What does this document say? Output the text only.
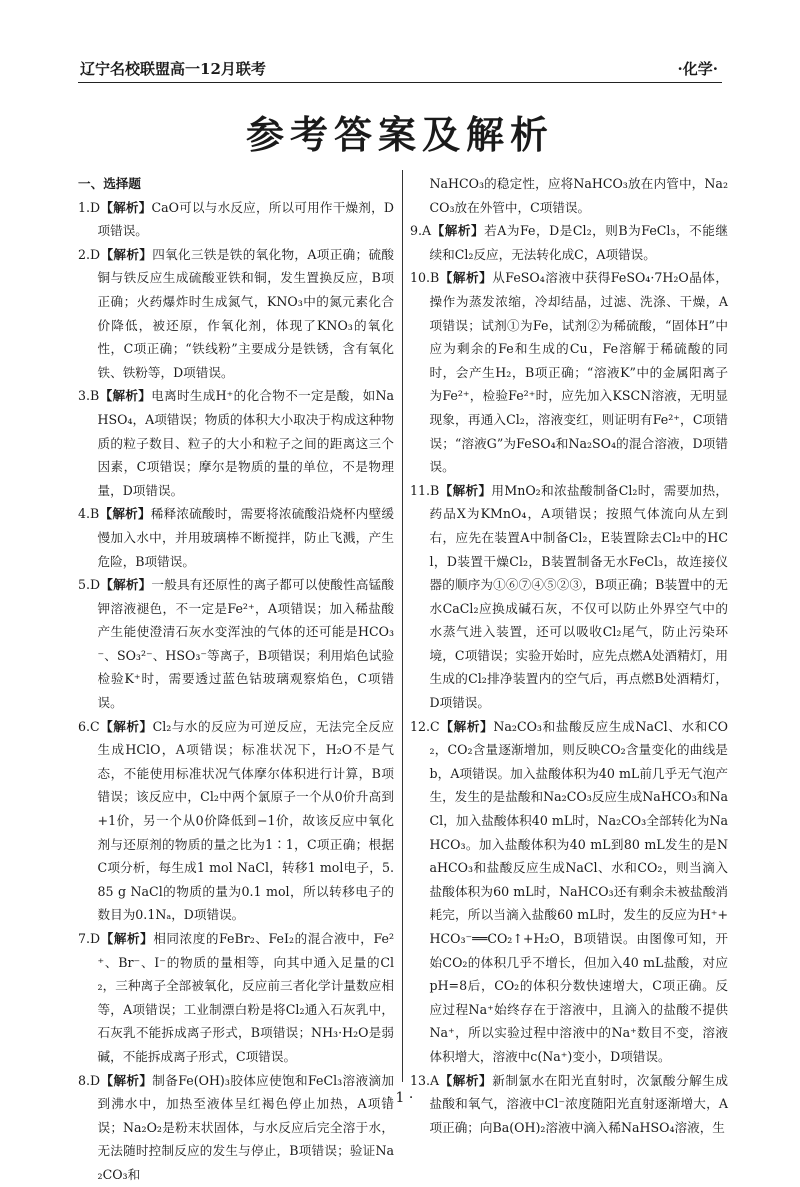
辽宁名校联盟高一12月联考	·化学·
参考答案及解析
一、选择题
1.D【解析】CaO可以与水反应，所以可用作干燥剂，D项错误。
2.D【解析】四氧化三铁是铁的氧化物，A项正确；硫酸铜与铁反应生成硫酸亚铁和铜，发生置换反应，B项正确；火药爆炸时生成氮气，KNO₃中的氮元素化合价降低，被还原，作氧化剂，体现了KNO₃的氧化性，C项正确；“铁线粉”主要成分是铁锈，含有氧化铁、铁粉等，D项错误。
3.B【解析】电离时生成H⁺的化合物不一定是酸，如NaHSO₄，A项错误；物质的体积大小取决于构成这种物质的粒子数目、粒子的大小和粒子之间的距离这三个因素，C项错误；摩尔是物质的量的单位，不是物理量，D项错误。
4.B【解析】稀释浓硫酸时，需要将浓硫酸沿烧杯内壁缓慢加入水中，并用玻璃棒不断搅拌，防止飞溅，产生危险，B项错误。
5.D【解析】一般具有还原性的离子都可以使酸性高锰酸钾溶液褪色，不一定是Fe²⁺，A项错误；加入稀盐酸产生能使澄清石灰水变浑浊的气体的还可能是HCO₃⁻、SO₃²⁻、HSO₃⁻等离子，B项错误；利用焰色试验检验K⁺时，需要透过蓝色钴玻璃观察焰色，C项错误。
6.C【解析】Cl₂与水的反应为可逆反应，无法完全反应生成HClO，A项错误；标准状况下，H₂O不是气态，不能使用标准状况气体摩尔体积进行计算，B项错误；该反应中，Cl₂中两个氯原子一个从0价升高到+1价，另一个从0价降低到−1价，故该反应中氧化剂与还原剂的物质的量之比为1∶1，C项正确；根据C项分析，每生成1 mol NaCl，转移1 mol电子，5.85 g NaCl的物质的量为0.1 mol，所以转移电子的数目为0.1Nₐ，D项错误。
7.D【解析】相同浓度的FeBr₂、FeI₂的混合液中，Fe²⁺、Br⁻、I⁻的物质的量相等，向其中通入足量的Cl₂，三种离子全部被氧化，反应前三者化学计量数应相等，A项错误；工业制漂白粉是将Cl₂通入石灰乳中，石灰乳不能拆成离子形式，B项错误；NH₃·H₂O是弱碱，不能拆成离子形式，C项错误。
8.D【解析】制备Fe(OH)₃胶体应使饱和FeCl₃溶液滴加到沸水中，加热至液体呈红褐色停止加热，A项错误；Na₂O₂是粉末状固体，与水反应后完全溶于水，无法随时控制反应的发生与停止，B项错误；验证Na₂CO₃和
NaHCO₃的稳定性，应将NaHCO₃放在内管中，Na₂CO₃放在外管中，C项错误。
9.A【解析】若A为Fe，D是Cl₂，则B为FeCl₃，不能继续和Cl₂反应，无法转化成C，A项错误。
10.B【解析】从FeSO₄溶液中获得FeSO₄·7H₂O晶体，操作为蒸发浓缩，冷却结晶，过滤、洗涤、干燥，A项错误；试剂①为Fe，试剂②为稀硫酸，“固体H”中应为剩余的Fe和生成的Cu，Fe溶解于稀硫酸的同时，会产生H₂，B项正确；“溶液K”中的金属阳离子为Fe²⁺，检验Fe²⁺时，应先加入KSCN溶液，无明显现象，再通入Cl₂，溶液变红，则证明有Fe²⁺，C项错误；“溶液G”为FeSO₄和Na₂SO₄的混合溶液，D项错误。
11.B【解析】用MnO₂和浓盐酸制备Cl₂时，需要加热，药品X为KMnO₄，A项错误；按照气体流向从左到右，应先在装置A中制备Cl₂，E装置除去Cl₂中的HCl，D装置干燥Cl₂，B装置制备无水FeCl₃，故连接仪器的顺序为①⑥⑦④⑤②③，B项正确；B装置中的无水CaCl₂应换成碱石灰，不仅可以防止外界空气中的水蒸气进入装置，还可以吸收Cl₂尾气，防止污染环境，C项错误；实验开始时，应先点燃A处酒精灯，用生成的Cl₂排净装置内的空气后，再点燃B处酒精灯，D项错误。
12.C【解析】Na₂CO₃和盐酸反应生成NaCl、水和CO₂，CO₂含量逐渐增加，则反映CO₂含量变化的曲线是b，A项错误。加入盐酸体积为40 mL前几乎无气泡产生，发生的是盐酸和Na₂CO₃反应生成NaHCO₃和NaCl，加入盐酸体积40 mL时，Na₂CO₃全部转化为NaHCO₃。加入盐酸体积为40 mL到80 mL发生的是NaHCO₃和盐酸反应生成NaCl、水和CO₂，则当滴入盐酸体积为60 mL时，NaHCO₃还有剩余未被盐酸消耗完，所以当滴入盐酸60 mL时，发生的反应为H⁺+HCO₃⁻══CO₂↑+H₂O，B项错误。由图像可知，开始CO₂的体积几乎不增长，但加入40 mL盐酸，对应pH=8后，CO₂的体积分数快速增大，C项正确。反应过程Na⁺始终存在于溶液中，且滴入的盐酸不提供Na⁺，所以实验过程中溶液中的Na⁺数目不变，溶液体积增大，溶液中c(Na⁺)变小，D项错误。
13.A【解析】新制氯水在阳光直射时，次氯酸分解生成盐酸和氧气，溶液中Cl⁻浓度随阳光直射逐渐增大，A项正确；向Ba(OH)₂溶液中滴入稀NaHSO₄溶液，生
· 1 ·
